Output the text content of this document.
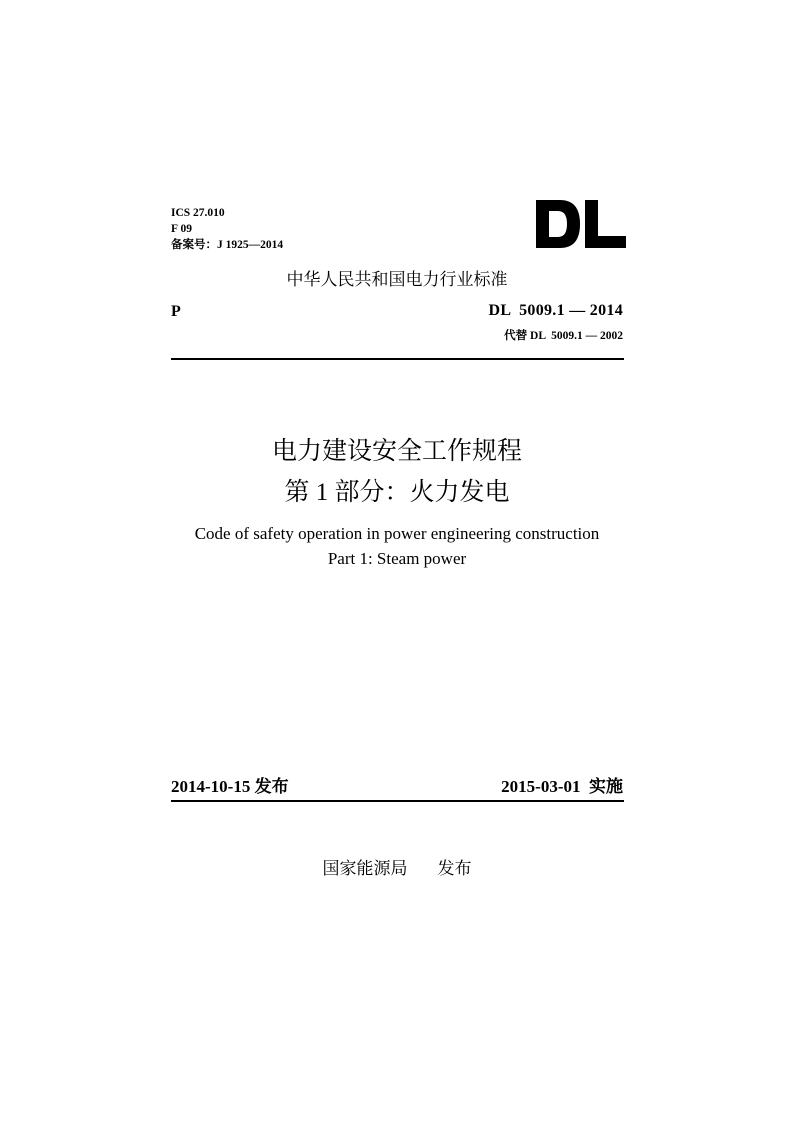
ICS 27.010
F 09
备案号：J 1925—2014
中华人民共和国电力行业标准
P	DL  5009.1 — 2014
代替 DL  5009.1 — 2002
电力建设安全工作规程
第 1 部分：火力发电
Code of safety operation in power engineering construction
Part 1: Steam power
2014-10-15 发布	2015-03-01  实施
国家能源局 发布
